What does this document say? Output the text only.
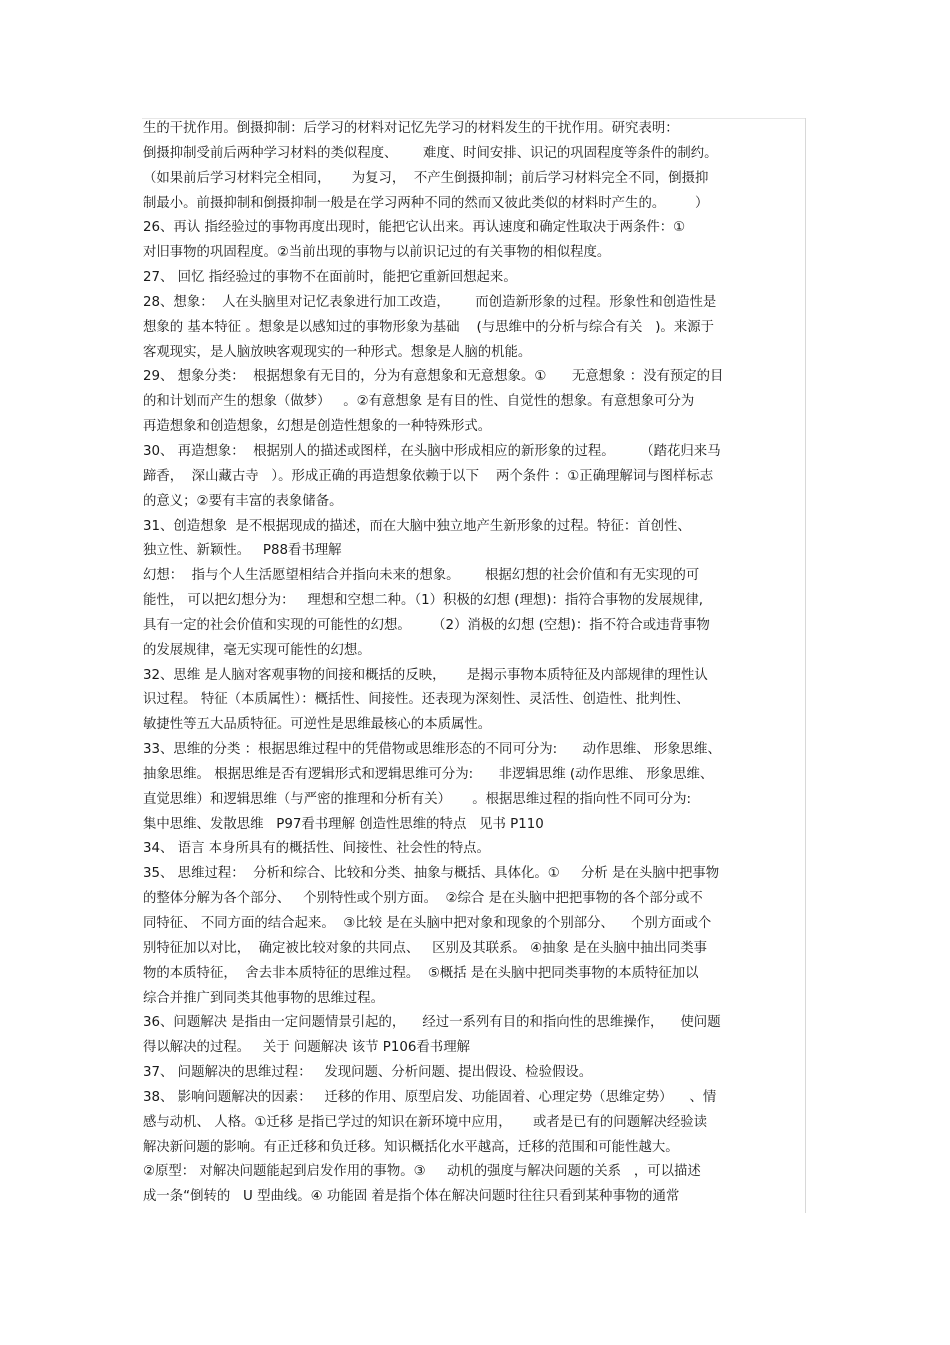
生的干扰作用。倒摄抑制：后学习的材料对记忆先学习的材料发生的干扰作用。研究表明：
倒摄抑制受前后两种学习材料的类似程度、      难度、时间安排、识记的巩固程度等条件的制约。
（如果前后学习材料完全相同，     为复习，  不产生倒摄抑制；前后学习材料完全不同，倒摄抑
制最小。前摄抑制和倒摄抑制一般是在学习两种不同的然而又彼此类似的材料时产生的。       ）
26、再认 指经验过的事物再度出现时，能把它认出来。再认速度和确定性取决于两条件：①
对旧事物的巩固程度。②当前出现的事物与以前识记过的有关事物的相似程度。
27、 回忆 指经验过的事物不在面前时，能把它重新回想起来。
28、想象：  人在头脑里对记忆表象进行加工改造，      而创造新形象的过程。形象性和创造性是
想象的 基本特征 。想象是以感知过的事物形象为基础    (与思维中的分析与综合有关   )。来源于
客观现实，是人脑放映客观现实的一种形式。想象是人脑的机能。
29、 想象分类：  根据想象有无目的，分为有意想象和无意想象。①      无意想象 ：没有预定的目
的和计划而产生的想象（做梦）   。②有意想象 是有目的性、自觉性的想象。有意想象可分为
再造想象和创造想象，幻想是创造性想象的一种特殊形式。
30、 再造想象：  根据别人的描述或图样，在头脑中形成相应的新形象的过程。      （踏花归来马
蹄香，  深山藏古寺   ）。形成正确的再造想象依赖于以下    两个条件 ：①正确理解词与图样标志
的意义；②要有丰富的表象储备。
31、创造想象  是不根据现成的描述，而在大脑中独立地产生新形象的过程。特征：首创性、
独立性、新颖性。   P88看书理解
幻想：  指与个人生活愿望相结合并指向未来的想象。      根据幻想的社会价值和有无实现的可
能性， 可以把幻想分为：   理想和空想二种。（1）积极的幻想 (理想)：指符合事物的发展规律,
具有一定的社会价值和实现的可能性的幻想。     （2）消极的幻想 (空想)：指不符合或违背事物
的发展规律，毫无实现可能性的幻想。
32、思维 是人脑对客观事物的间接和概括的反映，     是揭示事物本质特征及内部规律的理性认
识过程。 特征（本质属性）：概括性、间接性。还表现为深刻性、灵活性、创造性、批判性、
敏捷性等五大品质特征。可逆性是思维最核心的本质属性。
33、思维的分类 ：根据思维过程中的凭借物或思维形态的不同可分为:      动作思维、 形象思维、
抽象思维。 根据思维是否有逻辑形式和逻辑思维可分为:      非逻辑思维 (动作思维、 形象思维、
直觉思维）和逻辑思维（与严密的推理和分析有关）     。根据思维过程的指向性不同可分为:
集中思维、发散思维   P97看书理解 创造性思维的特点   见书 P110
34、 语言 本身所具有的概括性、间接性、社会性的特点。
35、 思维过程：  分析和综合、比较和分类、抽象与概括、具体化。①     分析 是在头脑中把事物
的整体分解为各个部分、   个别特性或个别方面。  ②综合 是在头脑中把把事物的各个部分或不
同特征、 不同方面的结合起来。  ③比较 是在头脑中把对象和现象的个别部分、    个别方面或个
别特征加以对比，  确定被比较对象的共同点、   区别及其联系。 ④抽象 是在头脑中抽出同类事
物的本质特征，  舍去非本质特征的思维过程。  ⑤概括 是在头脑中把同类事物的本质特征加以
综合并推广到同类其他事物的思维过程。
36、问题解决 是指由一定问题情景引起的，    经过一系列有目的和指向性的思维操作，    使问题
得以解决的过程。   关于 问题解决 该节 P106看书理解
37、 问题解决的思维过程：   发现问题、分析问题、提出假设、检验假设。
38、 影响问题解决的因素：   迁移的作用、原型启发、功能固着、心理定势（思维定势）    、情
感与动机、 人格。①迁移 是指已学过的知识在新环境中应用，     或者是已有的问题解决经验读
解决新问题的影响。有正迁移和负迁移。知识概括化水平越高，迁移的范围和可能性越大。
②原型： 对解决问题能起到启发作用的事物。③     动机的强度与解决问题的关系   ，可以描述
成一条“倒转的   U 型曲线。④ 功能固 着是指个体在解决问题时往往只看到某种事物的通常
